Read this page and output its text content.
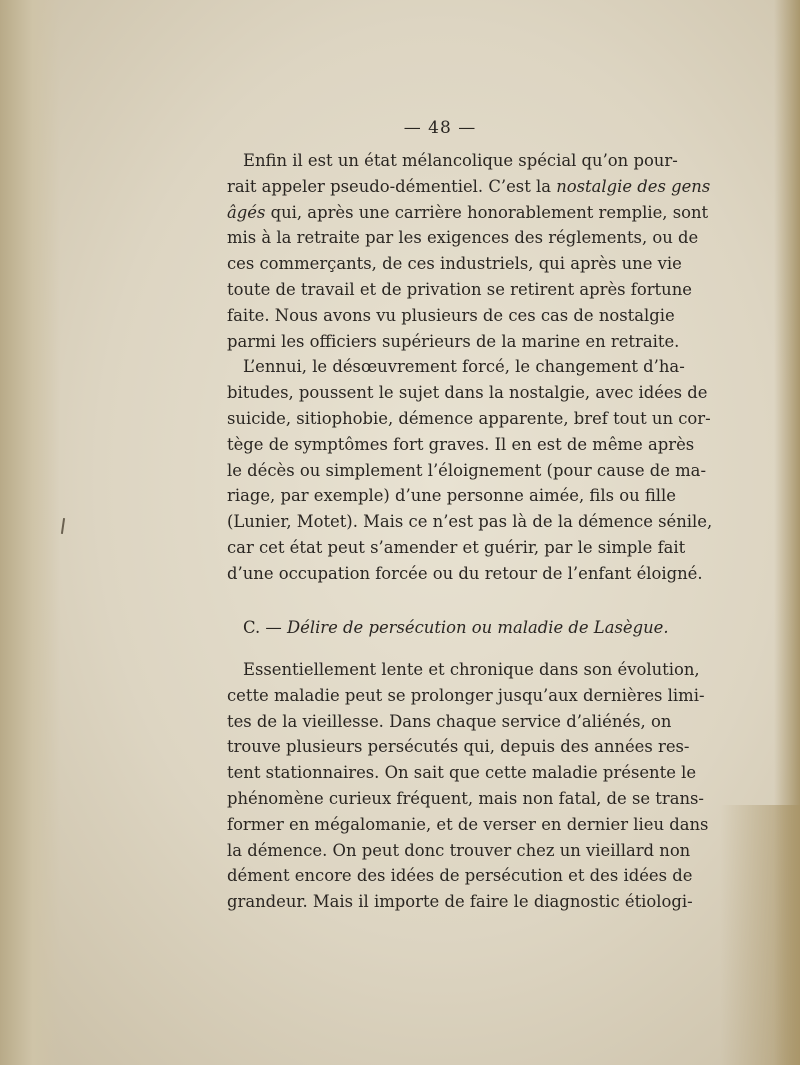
— 48 —
Enfin il est un état mélancolique spécial qu’on pour-
rait appeler pseudo-démentiel. C’est la nostalgie des gens
âgés qui, après une carrière honorablement remplie, sont
mis à la retraite par les exigences des réglements, ou de
ces commerçants, de ces industriels, qui après une vie
toute de travail et de privation se retirent après fortune
faite. Nous avons vu plusieurs de ces cas de nostalgie
parmi les officiers supérieurs de la marine en retraite.
L’ennui, le désœuvrement forcé, le changement d’ha-
bitudes, poussent le sujet dans la nostalgie, avec idées de
suicide, sitiophobie, démence apparente, bref tout un cor-
tège de symptômes fort graves. Il en est de même après
le décès ou simplement l’éloignement (pour cause de ma-
riage, par exemple) d’une personne aimée, fils ou fille
(Lunier, Motet). Mais ce n’est pas là de la démence sénile,
car cet état peut s’amender et guérir, par le simple fait
d’une occupation forcée ou du retour de l’enfant éloigné.
C. — Délire de persécution ou maladie de Lasègue.
Essentiellement lente et chronique dans son évolution,
cette maladie peut se prolonger jusqu’aux dernières limi-
tes de la vieillesse. Dans chaque service d’aliénés, on
trouve plusieurs persécutés qui, depuis des années res-
tent stationnaires. On sait que cette maladie présente le
phénomène curieux fréquent, mais non fatal, de se trans-
former en mégalomanie, et de verser en dernier lieu dans
la démence. On peut donc trouver chez un vieillard non
dément encore des idées de persécution et des idées de
grandeur. Mais il importe de faire le diagnostic étiologi-
